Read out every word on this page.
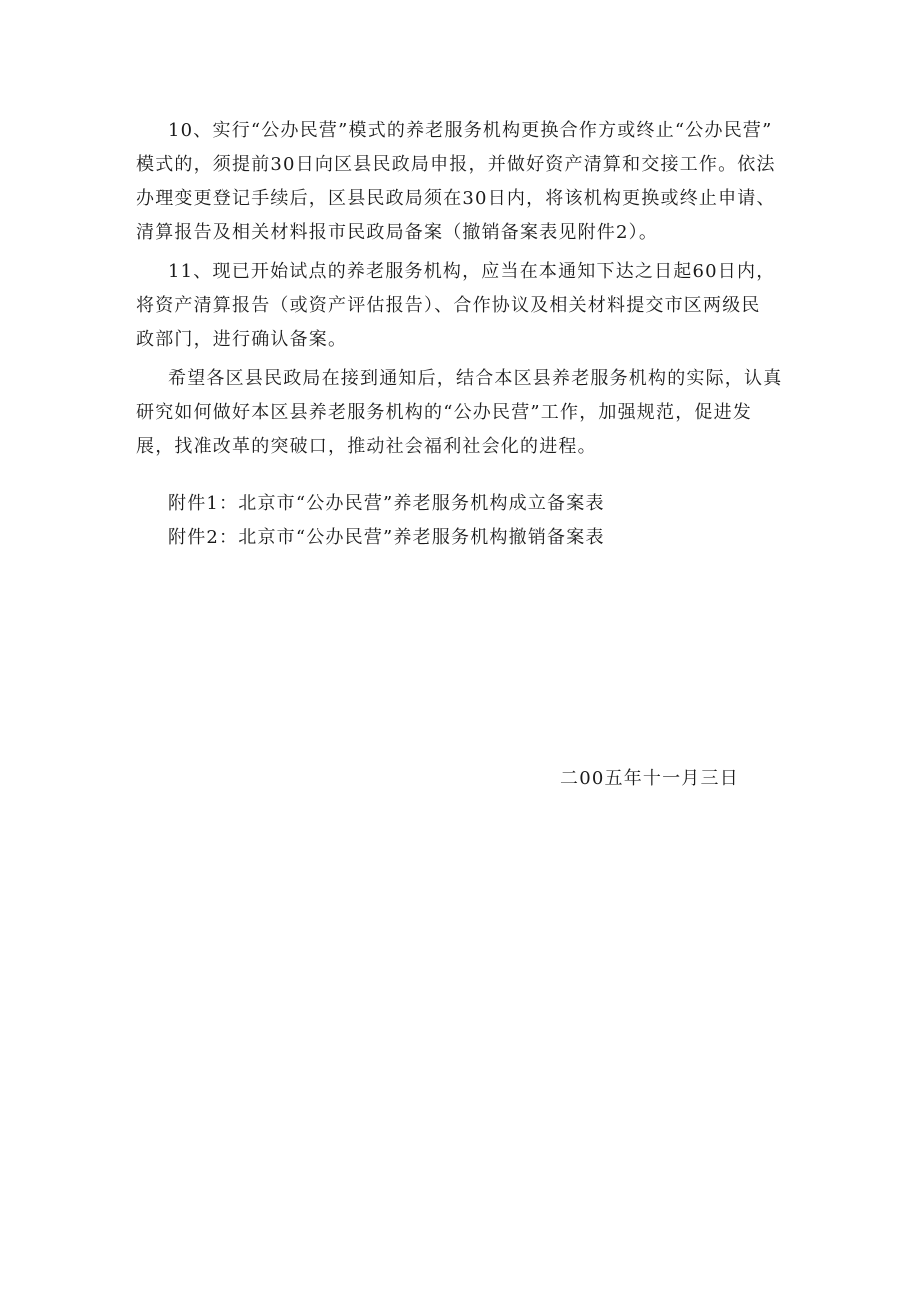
10、实行“公办民营”模式的养老服务机构更换合作方或终止“公办民营”
模式的，须提前30日向区县民政局申报，并做好资产清算和交接工作。依法
办理变更登记手续后，区县民政局须在30日内，将该机构更换或终止申请、
清算报告及相关材料报市民政局备案（撤销备案表见附件2）。

11、现已开始试点的养老服务机构，应当在本通知下达之日起60日内，
将资产清算报告（或资产评估报告）、合作协议及相关材料提交市区两级民
政部门，进行确认备案。

希望各区县民政局在接到通知后，结合本区县养老服务机构的实际，认真
研究如何做好本区县养老服务机构的“公办民营”工作，加强规范，促进发
展，找准改革的突破口，推动社会福利社会化的进程。

附件1：北京市“公办民营”养老服务机构成立备案表
附件2：北京市“公办民营”养老服务机构撤销备案表
二00五年十一月三日
